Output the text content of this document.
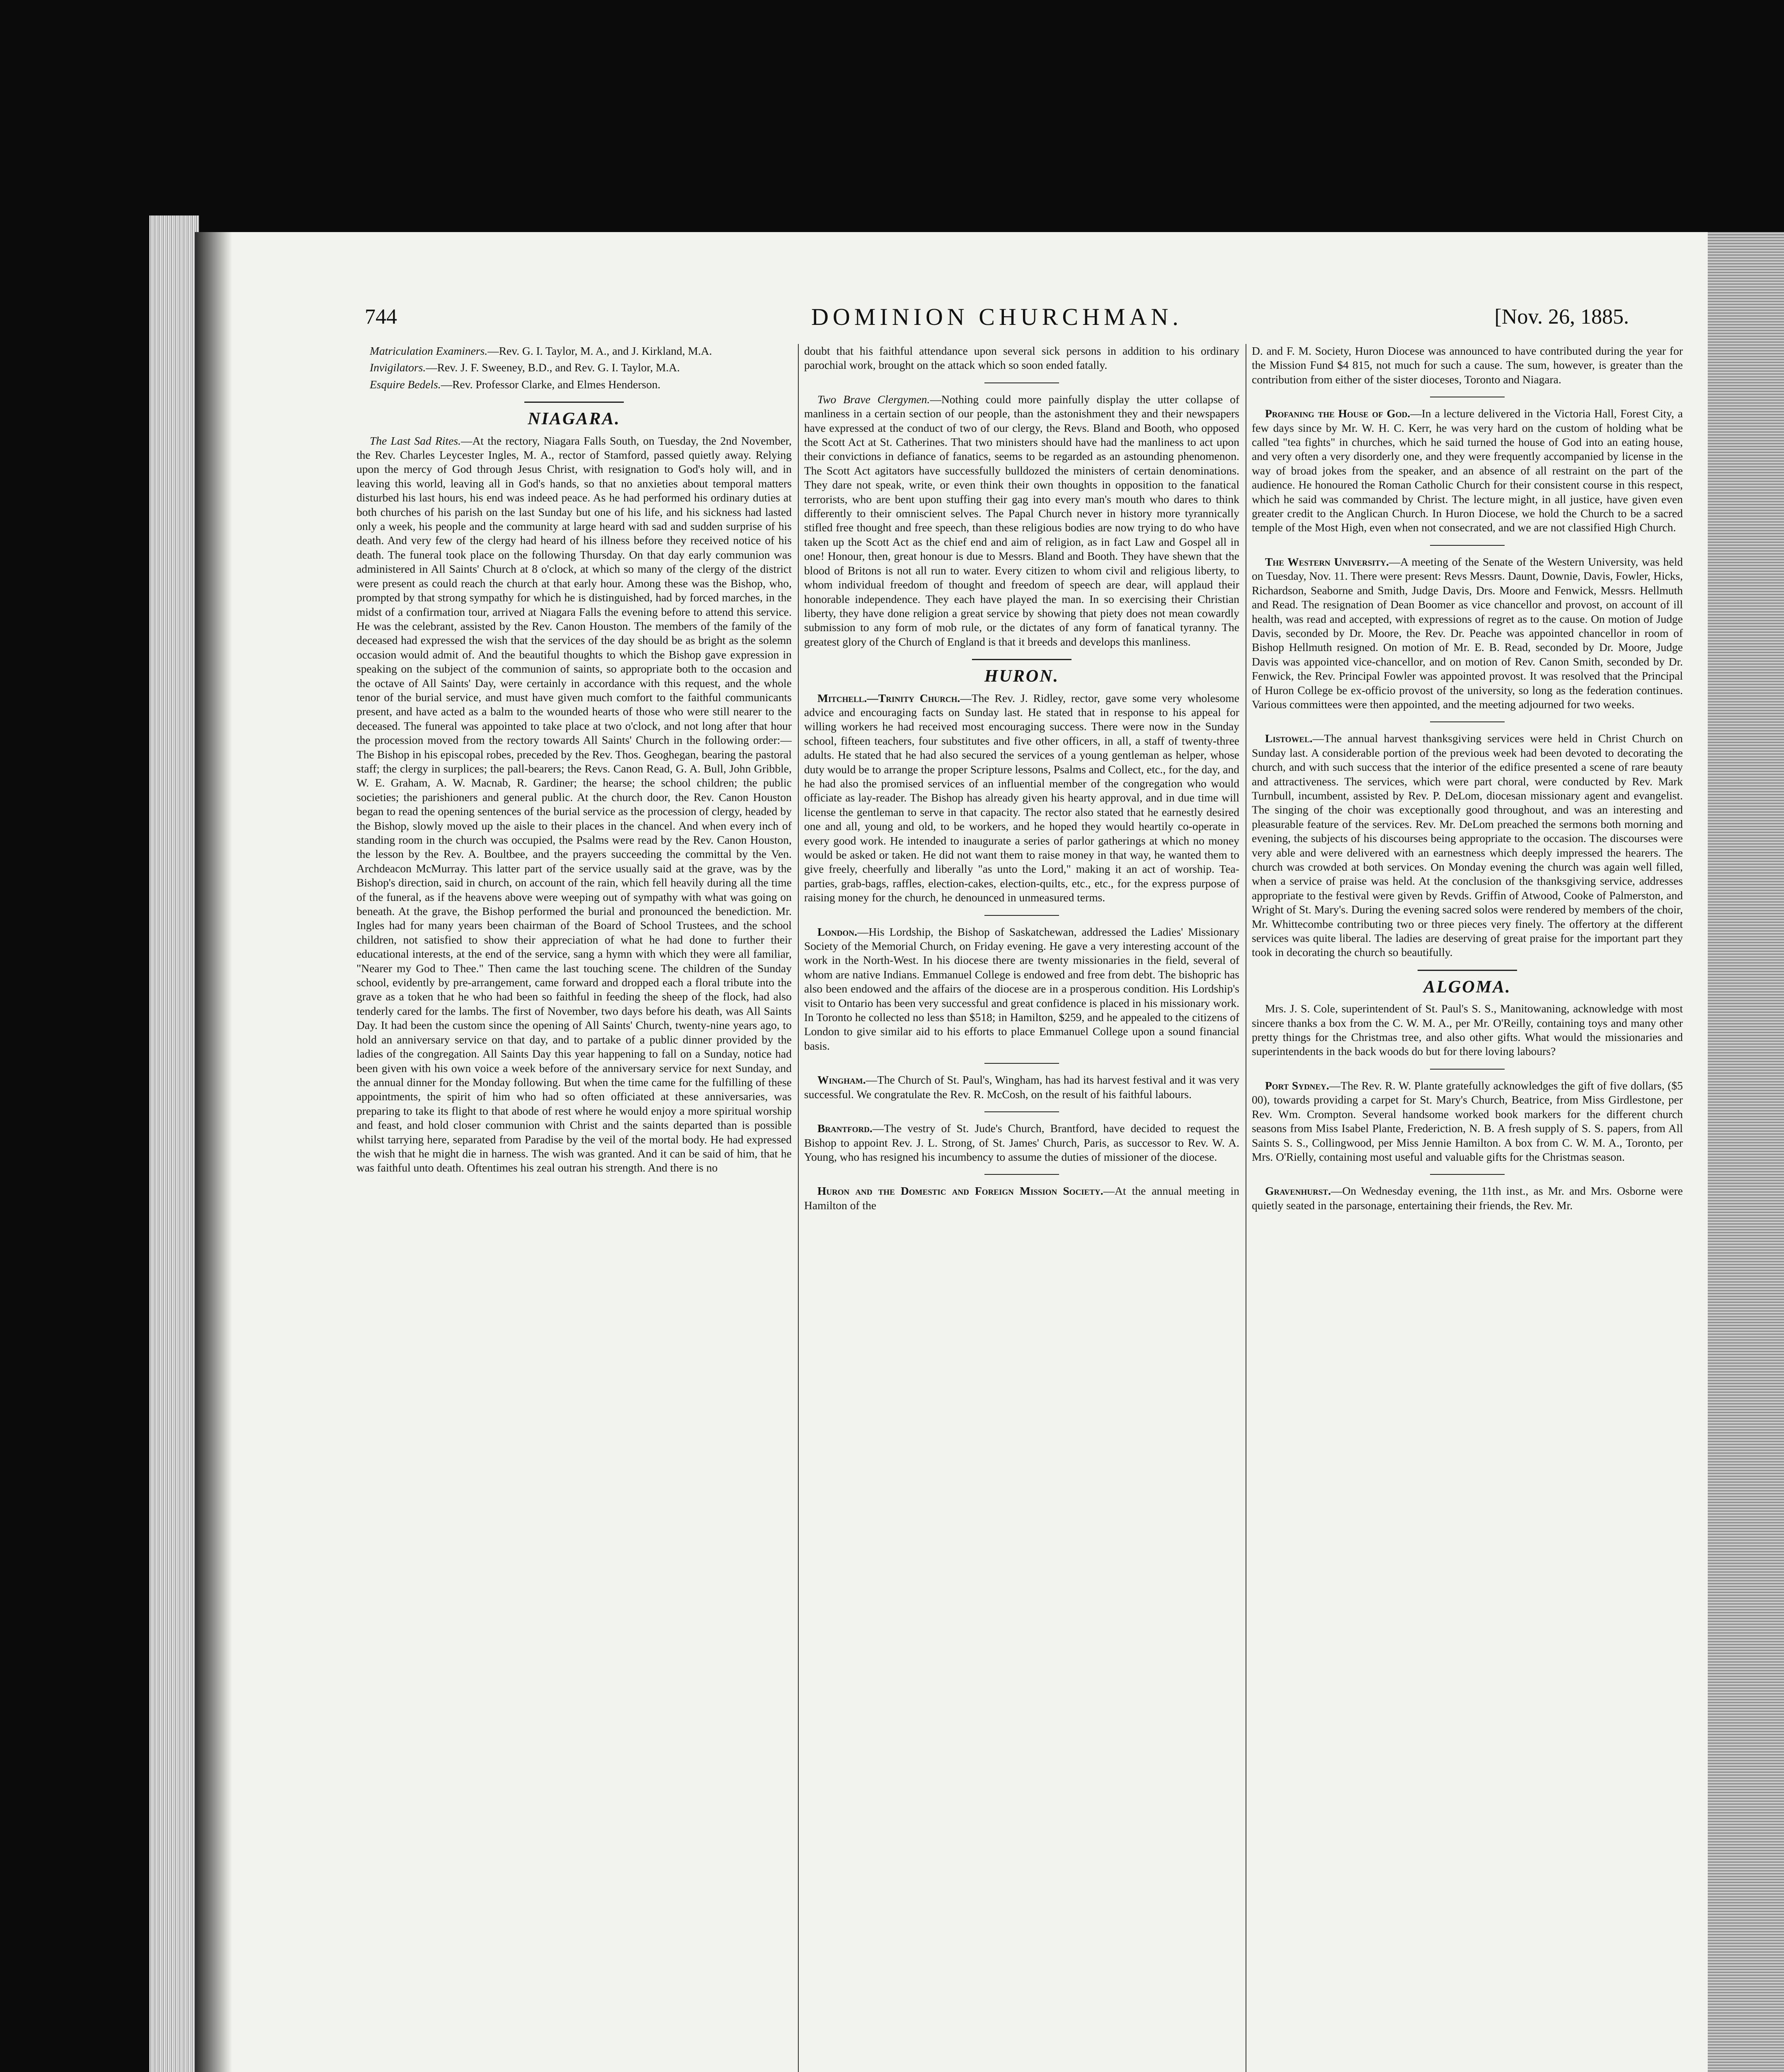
744	DOMINION CHURCHMAN.	[Nov. 26, 1885.

Matriculation Examiners.—Rev. G. I. Taylor, M. A., and J. Kirkland, M.A.

Invigilators.—Rev. J. F. Sweeney, B.D., and Rev. G. I. Taylor, M.A.

Esquire Bedels.—Rev. Professor Clarke, and Elmes Henderson.

NIAGARA.

The Last Sad Rites.—At the rectory, Niagara Falls South, on Tuesday, the 2nd November, the Rev. Charles Leycester Ingles, M. A., rector of Stamford, passed quietly away. Relying upon the mercy of God through Jesus Christ, with resignation to God's holy will, and in leaving this world, leaving all in God's hands, so that no anxieties about temporal matters disturbed his last hours, his end was indeed peace. As he had performed his ordinary duties at both churches of his parish on the last Sunday but one of his life, and his sickness had lasted only a week, his people and the community at large heard with sad and sudden surprise of his death. And very few of the clergy had heard of his illness before they received notice of his death. The funeral took place on the following Thursday. On that day early communion was administered in All Saints' Church at 8 o'clock, at which so many of the clergy of the district were present as could reach the church at that early hour. Among these was the Bishop, who, prompted by that strong sympathy for which he is distinguished, had by forced marches, in the midst of a confirmation tour, arrived at Niagara Falls the evening before to attend this service. He was the celebrant, assisted by the Rev. Canon Houston. The members of the family of the deceased had expressed the wish that the services of the day should be as bright as the solemn occasion would admit of. And the beautiful thoughts to which the Bishop gave expression in speaking on the subject of the communion of saints, so appropriate both to the occasion and the octave of All Saints' Day, were certainly in accordance with this request, and the whole tenor of the burial service, and must have given much comfort to the faithful communicants present, and have acted as a balm to the wounded hearts of those who were still nearer to the deceased. The funeral was appointed to take place at two o'clock, and not long after that hour the procession moved from the rectory towards All Saints' Church in the following order:—The Bishop in his episcopal robes, preceded by the Rev. Thos. Geoghegan, bearing the pastoral staff; the clergy in surplices; the pall-bearers; the Revs. Canon Read, G. A. Bull, John Gribble, W. E. Graham, A. W. Macnab, R. Gardiner; the hearse; the school children; the public societies; the parishioners and general public. At the church door, the Rev. Canon Houston began to read the opening sentences of the burial service as the procession of clergy, headed by the Bishop, slowly moved up the aisle to their places in the chancel. And when every inch of standing room in the church was occupied, the Psalms were read by the Rev. Canon Houston, the lesson by the Rev. A. Boultbee, and the prayers succeeding the committal by the Ven. Archdeacon McMurray. This latter part of the service usually said at the grave, was by the Bishop's direction, said in church, on account of the rain, which fell heavily during all the time of the funeral, as if the heavens above were weeping out of sympathy with what was going on beneath. At the grave, the Bishop performed the burial and pronounced the benediction. Mr. Ingles had for many years been chairman of the Board of School Trustees, and the school children, not satisfied to show their appreciation of what he had done to further their educational interests, at the end of the service, sang a hymn with which they were all familiar, "Nearer my God to Thee." Then came the last touching scene. The children of the Sunday school, evidently by pre-arrangement, came forward and dropped each a floral tribute into the grave as a token that he who had been so faithful in feeding the sheep of the flock, had also tenderly cared for the lambs. The first of November, two days before his death, was All Saints Day. It had been the custom since the opening of All Saints' Church, twenty-nine years ago, to hold an anniversary service on that day, and to partake of a public dinner provided by the ladies of the congregation. All Saints Day this year happening to fall on a Sunday, notice had been given with his own voice a week before of the anniversary service for next Sunday, and the annual dinner for the Monday following. But when the time came for the fulfilling of these appointments, the spirit of him who had so often officiated at these anniversaries, was preparing to take its flight to that abode of rest where he would enjoy a more spiritual worship and feast, and hold closer communion with Christ and the saints departed than is possible whilst tarrying here, separated from Paradise by the veil of the mortal body. He had expressed the wish that he might die in harness. The wish was granted. And it can be said of him, that he was faithful unto death. Oftentimes his zeal outran his strength. And there is no

doubt that his faithful attendance upon several sick persons in addition to his ordinary parochial work, brought on the attack which so soon ended fatally.

Two Brave Clergymen.—Nothing could more painfully display the utter collapse of manliness in a certain section of our people, than the astonishment they and their newspapers have expressed at the conduct of two of our clergy, the Revs. Bland and Booth, who opposed the Scott Act at St. Catherines. That two ministers should have had the manliness to act upon their convictions in defiance of fanatics, seems to be regarded as an astounding phenomenon. The Scott Act agitators have successfully bulldozed the ministers of certain denominations. They dare not speak, write, or even think their own thoughts in opposition to the fanatical terrorists, who are bent upon stuffing their gag into every man's mouth who dares to think differently to their omniscient selves. The Papal Church never in history more tyrannically stifled free thought and free speech, than these religious bodies are now trying to do who have taken up the Scott Act as the chief end and aim of religion, as in fact Law and Gospel all in one! Honour, then, great honour is due to Messrs. Bland and Booth. They have shewn that the blood of Britons is not all run to water. Every citizen to whom civil and religious liberty, to whom individual freedom of thought and freedom of speech are dear, will applaud their honorable independence. They each have played the man. In so exercising their Christian liberty, they have done religion a great service by showing that piety does not mean cowardly submission to any form of mob rule, or the dictates of any form of fanatical tyranny. The greatest glory of the Church of England is that it breeds and develops this manliness.

HURON.

Mitchell.—Trinity Church.—The Rev. J. Ridley, rector, gave some very wholesome advice and encouraging facts on Sunday last. He stated that in response to his appeal for willing workers he had received most encouraging success. There were now in the Sunday school, fifteen teachers, four substitutes and five other officers, in all, a staff of twenty-three adults. He stated that he had also secured the services of a young gentleman as helper, whose duty would be to arrange the proper Scripture lessons, Psalms and Collect, etc., for the day, and he had also the promised services of an influential member of the congregation who would officiate as lay-reader. The Bishop has already given his hearty approval, and in due time will license the gentleman to serve in that capacity. The rector also stated that he earnestly desired one and all, young and old, to be workers, and he hoped they would heartily co-operate in every good work. He intended to inaugurate a series of parlor gatherings at which no money would be asked or taken. He did not want them to raise money in that way, he wanted them to give freely, cheerfully and liberally "as unto the Lord," making it an act of worship. Tea-parties, grab-bags, raffles, election-cakes, election-quilts, etc., etc., for the express purpose of raising money for the church, he denounced in unmeasured terms.

London.—His Lordship, the Bishop of Saskatchewan, addressed the Ladies' Missionary Society of the Memorial Church, on Friday evening. He gave a very interesting account of the work in the North-West. In his diocese there are twenty missionaries in the field, several of whom are native Indians. Emmanuel College is endowed and free from debt. The bishopric has also been endowed and the affairs of the diocese are in a prosperous condition. His Lordship's visit to Ontario has been very successful and great confidence is placed in his missionary work. In Toronto he collected no less than $518; in Hamilton, $259, and he appealed to the citizens of London to give similar aid to his efforts to place Emmanuel College upon a sound financial basis.

Wingham.—The Church of St. Paul's, Wingham, has had its harvest festival and it was very successful. We congratulate the Rev. R. McCosh, on the result of his faithful labours.

Brantford.—The vestry of St. Jude's Church, Brantford, have decided to request the Bishop to appoint Rev. J. L. Strong, of St. James' Church, Paris, as successor to Rev. W. A. Young, who has resigned his incumbency to assume the duties of missioner of the diocese.

Huron and the Domestic and Foreign Mission Society.—At the annual meeting in Hamilton of the

D. and F. M. Society, Huron Diocese was announced to have contributed during the year for the Mission Fund $4 815, not much for such a cause. The sum, however, is greater than the contribution from either of the sister dioceses, Toronto and Niagara.

Profaning the House of God.—In a lecture delivered in the Victoria Hall, Forest City, a few days since by Mr. W. H. C. Kerr, he was very hard on the custom of holding what be called "tea fights" in churches, which he said turned the house of God into an eating house, and very often a very disorderly one, and they were frequently accompanied by license in the way of broad jokes from the speaker, and an absence of all restraint on the part of the audience. He honoured the Roman Catholic Church for their consistent course in this respect, which he said was commanded by Christ. The lecture might, in all justice, have given even greater credit to the Anglican Church. In Huron Diocese, we hold the Church to be a sacred temple of the Most High, even when not consecrated, and we are not classified High Church.

The Western University.—A meeting of the Senate of the Western University, was held on Tuesday, Nov. 11. There were present: Revs Messrs. Daunt, Downie, Davis, Fowler, Hicks, Richardson, Seaborne and Smith, Judge Davis, Drs. Moore and Fenwick, Messrs. Hellmuth and Read. The resignation of Dean Boomer as vice chancellor and provost, on account of ill health, was read and accepted, with expressions of regret as to the cause. On motion of Judge Davis, seconded by Dr. Moore, the Rev. Dr. Peache was appointed chancellor in room of Bishop Hellmuth resigned. On motion of Mr. E. B. Read, seconded by Dr. Moore, Judge Davis was appointed vice-chancellor, and on motion of Rev. Canon Smith, seconded by Dr. Fenwick, the Rev. Principal Fowler was appointed provost. It was resolved that the Principal of Huron College be ex-officio provost of the university, so long as the federation continues. Various committees were then appointed, and the meeting adjourned for two weeks.

Listowel.—The annual harvest thanksgiving services were held in Christ Church on Sunday last. A considerable portion of the previous week had been devoted to decorating the church, and with such success that the interior of the edifice presented a scene of rare beauty and attractiveness. The services, which were part choral, were conducted by Rev. Mark Turnbull, incumbent, assisted by Rev. P. DeLom, diocesan missionary agent and evangelist. The singing of the choir was exceptionally good throughout, and was an interesting and pleasurable feature of the services. Rev. Mr. DeLom preached the sermons both morning and evening, the subjects of his discourses being appropriate to the occasion. The discourses were very able and were delivered with an earnestness which deeply impressed the hearers. The church was crowded at both services. On Monday evening the church was again well filled, when a service of praise was held. At the conclusion of the thanksgiving service, addresses appropriate to the festival were given by Revds. Griffin of Atwood, Cooke of Palmerston, and Wright of St. Mary's. During the evening sacred solos were rendered by members of the choir, Mr. Whittecombe contributing two or three pieces very finely. The offertory at the different services was quite liberal. The ladies are deserving of great praise for the important part they took in decorating the church so beautifully.

ALGOMA.

Mrs. J. S. Cole, superintendent of St. Paul's S. S., Manitowaning, acknowledge with most sincere thanks a box from the C. W. M. A., per Mr. O'Reilly, containing toys and many other pretty things for the Christmas tree, and also other gifts. What would the missionaries and superintendents in the back woods do but for there loving labours?

Port Sydney.—The Rev. R. W. Plante gratefully acknowledges the gift of five dollars, ($5 00), towards providing a carpet for St. Mary's Church, Beatrice, from Miss Girdlestone, per Rev. Wm. Crompton. Several handsome worked book markers for the different church seasons from Miss Isabel Plante, Frederiction, N. B. A fresh supply of S. S. papers, from All Saints S. S., Collingwood, per Miss Jennie Hamilton. A box from C. W. M. A., Toronto, per Mrs. O'Rielly, containing most useful and valuable gifts for the Christmas season.

Gravenhurst.—On Wednesday evening, the 11th inst., as Mr. and Mrs. Osborne were quietly seated in the parsonage, entertaining their friends, the Rev. Mr.
